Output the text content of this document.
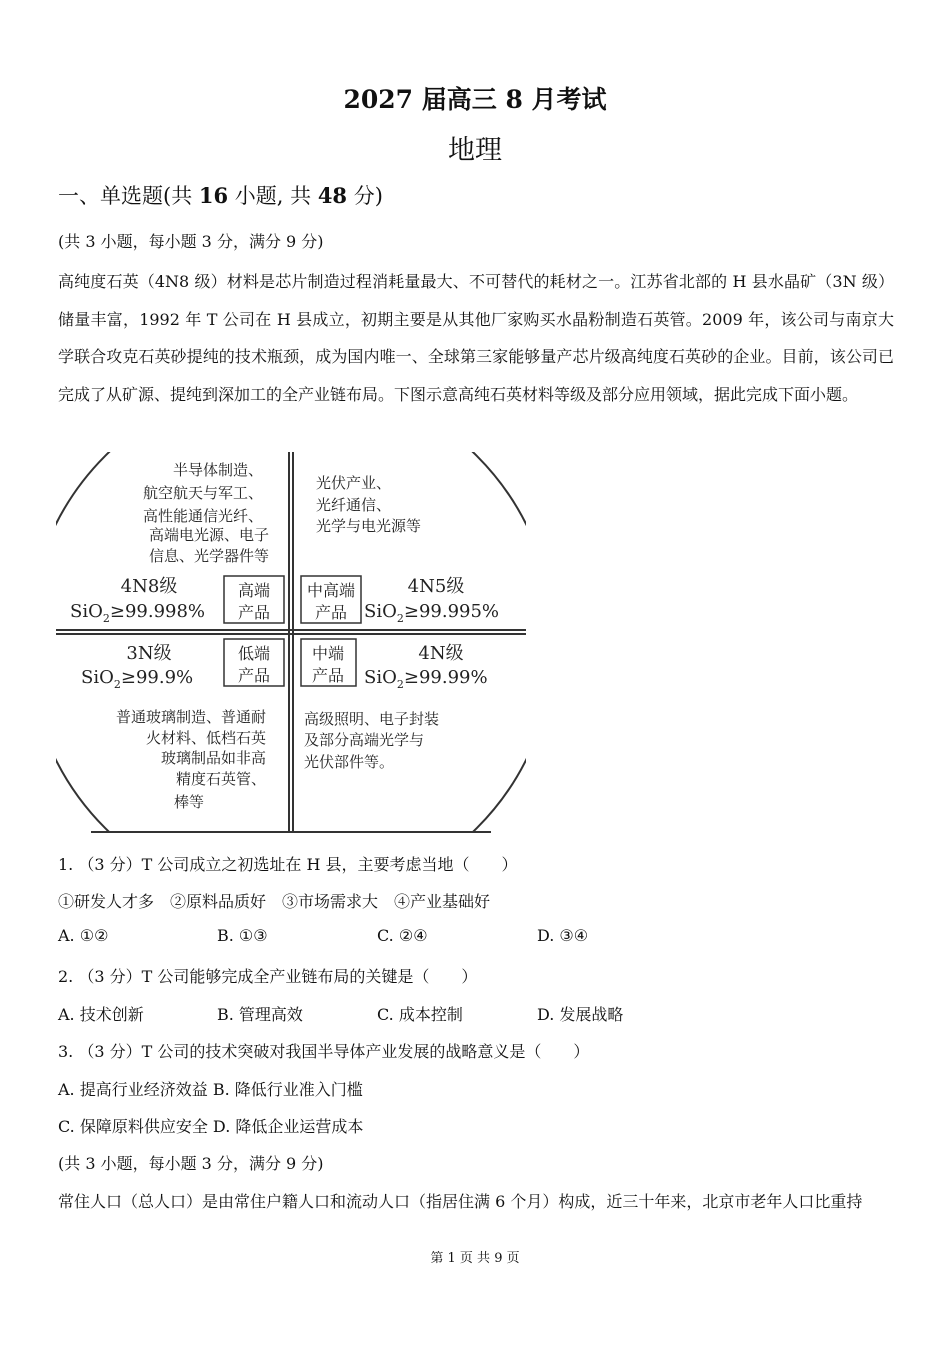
2027 届高三 8 月考试
地理
一、单选题(共 16 小题, 共 48 分)
(共 3 小题，每小题 3 分，满分 9 分)
高纯度石英（4N8 级）材料是芯片制造过程消耗量最大、不可替代的耗材之一。江苏省北部的 H 县水晶矿（3N 级）储量丰富，1992 年 T 公司在 H 县成立，初期主要是从其他厂家购买水晶粉制造石英管。2009 年，该公司与南京大学联合攻克石英砂提纯的技术瓶颈，成为国内唯一、全球第三家能够量产芯片级高纯度石英砂的企业。目前，该公司已完成了从矿源、提纯到深加工的全产业链布局。下图示意高纯石英材料等级及部分应用领域，据此完成下面小题。
半导体制造、
航空航天与军工、
高性能通信光纤、
高端电光源、电子
信息、光学器件等
4N8级
SiO$_2$≥99.998%
高端
产品
光伏产业、
光纤通信、
光学与电光源等
中高端
产品
4N5级
SiO$_2$≥99.995%
3N级
SiO$_2$≥99.9%
低端
产品
普通玻璃制造、普通耐
火材料、低档石英
玻璃制品如非高
精度石英管、
棒等
中端
产品
4N级
SiO$_2$≥99.99%
高级照明、电子封装
及部分高端光学与
光伏部件等。
1. （3 分）T 公司成立之初选址在 H 县，主要考虑当地（　　）
①研发人才多　②原料品质好　③市场需求大　④产业基础好
A. ①②	B. ①③	C. ②④	D. ③④
2. （3 分）T 公司能够完成全产业链布局的关键是（　　）
A. 技术创新	B. 管理高效	C. 成本控制	D. 发展战略
3. （3 分）T 公司的技术突破对我国半导体产业发展的战略意义是（　　）
A. 提高行业经济效益 B. 降低行业准入门槛
C. 保障原料供应安全 D. 降低企业运营成本
(共 3 小题，每小题 3 分，满分 9 分)
常住人口（总人口）是由常住户籍人口和流动人口（指居住满 6 个月）构成，近三十年来，北京市老年人口比重持
第 1 页 共 9 页
